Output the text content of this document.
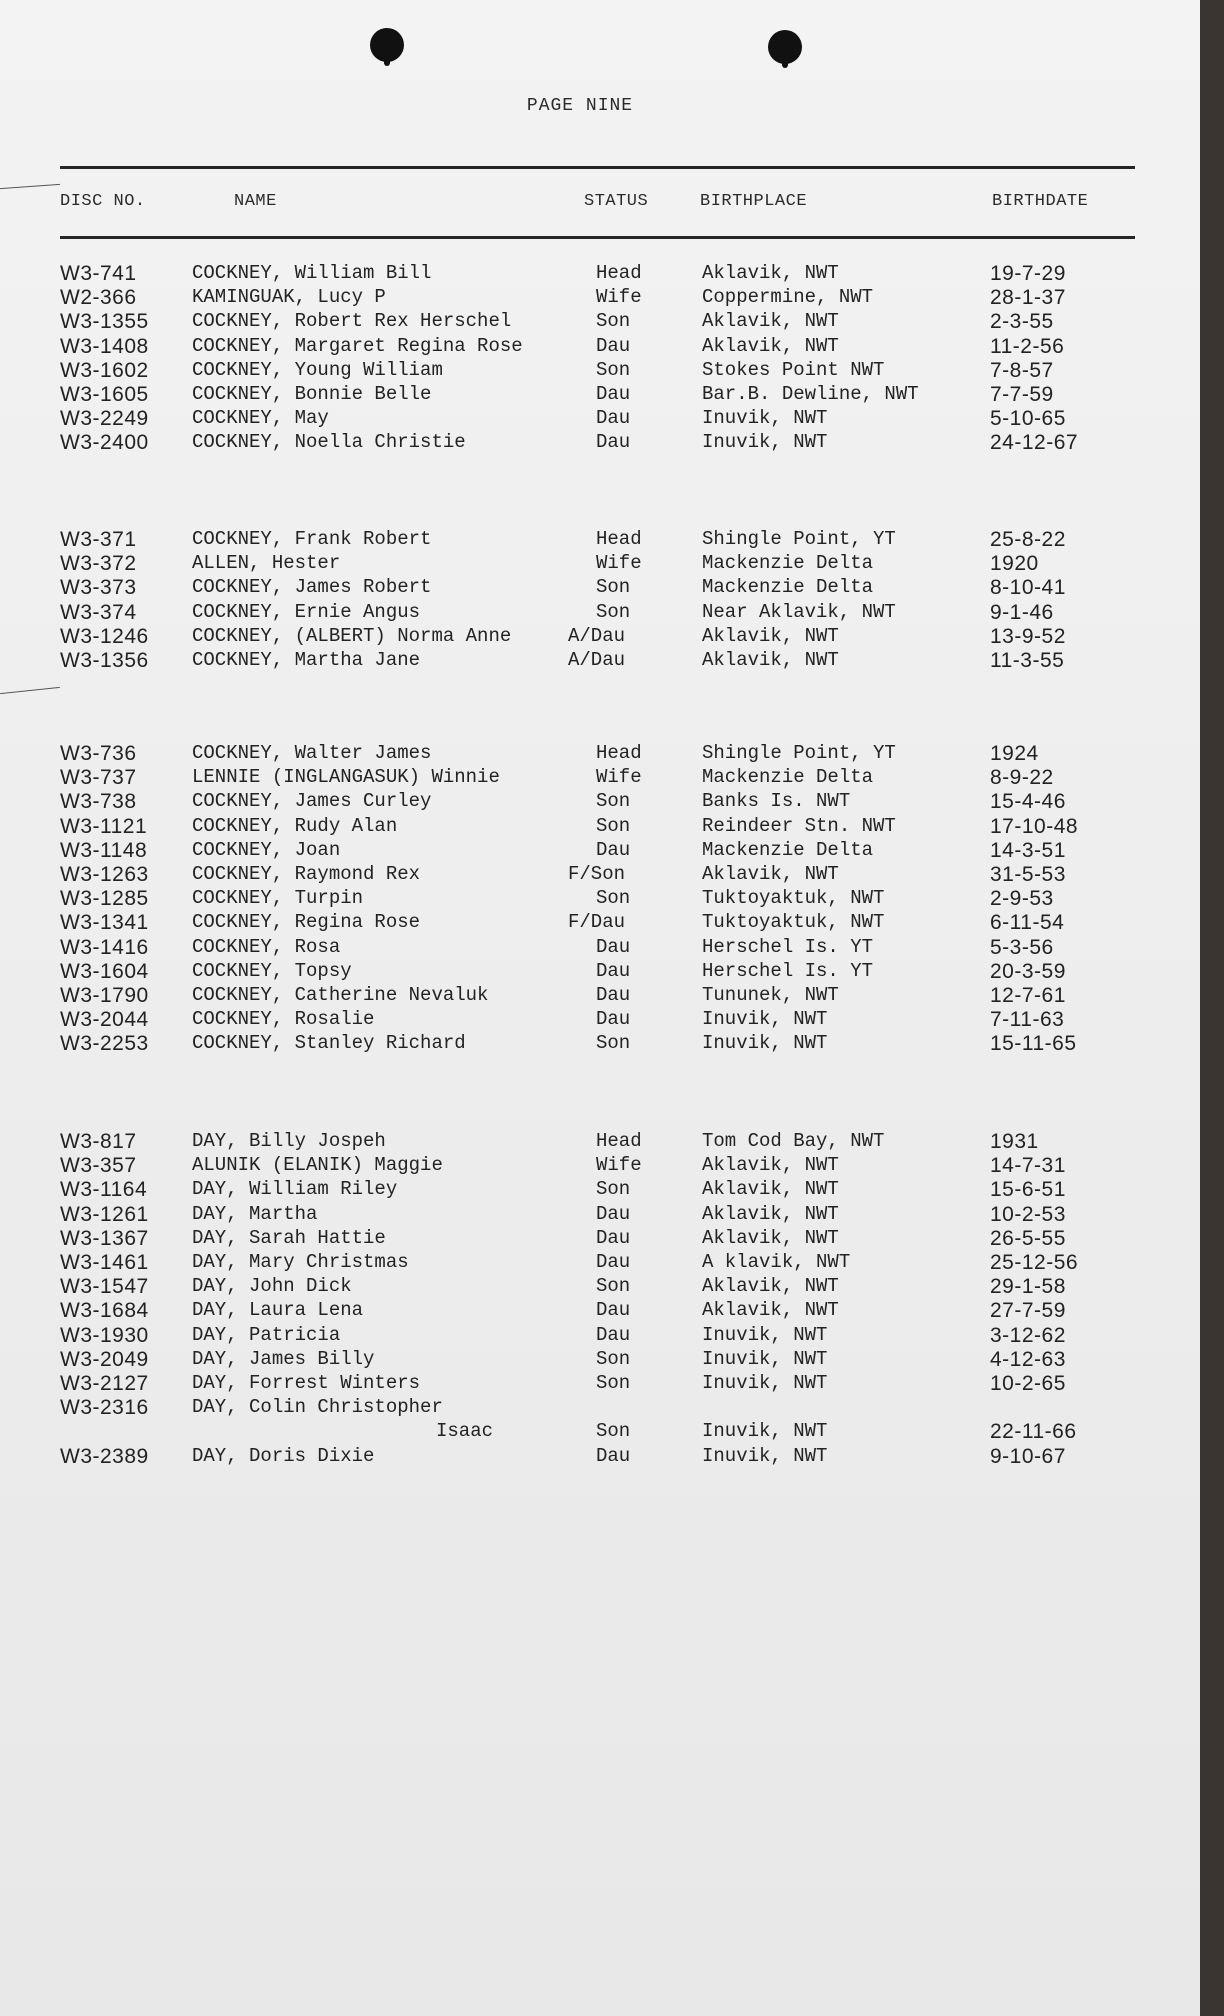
PAGE NINE
DISC NO.	NAME	STATUS	BIRTHPLACE	BIRTHDATE
W3-741	COCKNEY, William Bill	Head	Aklavik, NWT	19-7-29
W2-366	KAMINGUAK, Lucy P	Wife	Coppermine, NWT	28-1-37
W3-1355 COCKNEY, Robert Rex Herschel	Son	Aklavik, NWT	2-3-55
W3-1408 COCKNEY, Margaret Regina Rose	Dau	Aklavik, NWT	11-2-56
W3-1602 COCKNEY, Young William	Son	Stokes Point NWT	7-8-57
W3-1605 COCKNEY, Bonnie Belle	Dau	Bar.B. Dewline, NWT	7-7-59
W3-2249 COCKNEY, May	Dau	Inuvik, NWT	5-10-65
W3-2400 COCKNEY, Noella Christie	Dau	Inuvik, NWT	24-12-67
W3-371	COCKNEY, Frank Robert	Head	Shingle Point, YT	25-8-22
W3-372	ALLEN, Hester	Wife	Mackenzie Delta	1920
W3-373	COCKNEY, James Robert	Son	Mackenzie Delta	8-10-41
W3-374	COCKNEY, Ernie Angus	Son	Near Aklavik, NWT	9-1-46
W3-1246 COCKNEY, (ALBERT) Norma Anne	A/Dau	Aklavik, NWT	13-9-52
W3-1356 COCKNEY, Martha Jane	A/Dau	Aklavik, NWT	11-3-55
W3-736	COCKNEY, Walter James	Head	Shingle Point, YT	1924
W3-737	LENNIE (INGLANGASUK) Winnie	Wife	Mackenzie Delta	8-9-22
W3-738	COCKNEY, James Curley	Son	Banks Is. NWT	15-4-46
W3-1121 COCKNEY, Rudy Alan	Son	Reindeer Stn. NWT	17-10-48
W3-1148 COCKNEY, Joan	Dau	Mackenzie Delta	14-3-51
W3-1263 COCKNEY, Raymond Rex	F/Son	Aklavik, NWT	31-5-53
W3-1285 COCKNEY, Turpin	Son	Tuktoyaktuk, NWT	2-9-53
W3-1341 COCKNEY, Regina Rose	F/Dau	Tuktoyaktuk, NWT	6-11-54
W3-1416 COCKNEY, Rosa	Dau	Herschel Is. YT	5-3-56
W3-1604 COCKNEY, Topsy	Dau	Herschel Is. YT	20-3-59
W3-1790 COCKNEY, Catherine Nevaluk	Dau	Tununek, NWT	12-7-61
W3-2044 COCKNEY, Rosalie	Dau	Inuvik, NWT	7-11-63
W3-2253 COCKNEY, Stanley Richard	Son	Inuvik, NWT	15-11-65
W3-817	DAY, Billy Jospeh	Head	Tom Cod Bay, NWT	1931
W3-357	ALUNIK (ELANIK) Maggie	Wife	Aklavik, NWT	14-7-31
W3-1164 DAY, William Riley	Son	Aklavik, NWT	15-6-51
W3-1261 DAY, Martha	Dau	Aklavik, NWT	10-2-53
W3-1367 DAY, Sarah Hattie	Dau	Aklavik, NWT	26-5-55
W3-1461 DAY, Mary Christmas	Dau	A klavik, NWT	25-12-56
W3-1547 DAY, John Dick	Son	Aklavik, NWT	29-1-58
W3-1684 DAY, Laura Lena	Dau	Aklavik, NWT	27-7-59
W3-1930 DAY, Patricia	Dau	Inuvik, NWT	3-12-62
W3-2049 DAY, James Billy	Son	Inuvik, NWT	4-12-63
W3-2127 DAY, Forrest Winters	Son	Inuvik, NWT	10-2-65
W3-2316 DAY, Colin Christopher
Isaac	Son	Inuvik, NWT	22-11-66
W3-2389 DAY, Doris Dixie	Dau	Inuvik, NWT	9-10-67
